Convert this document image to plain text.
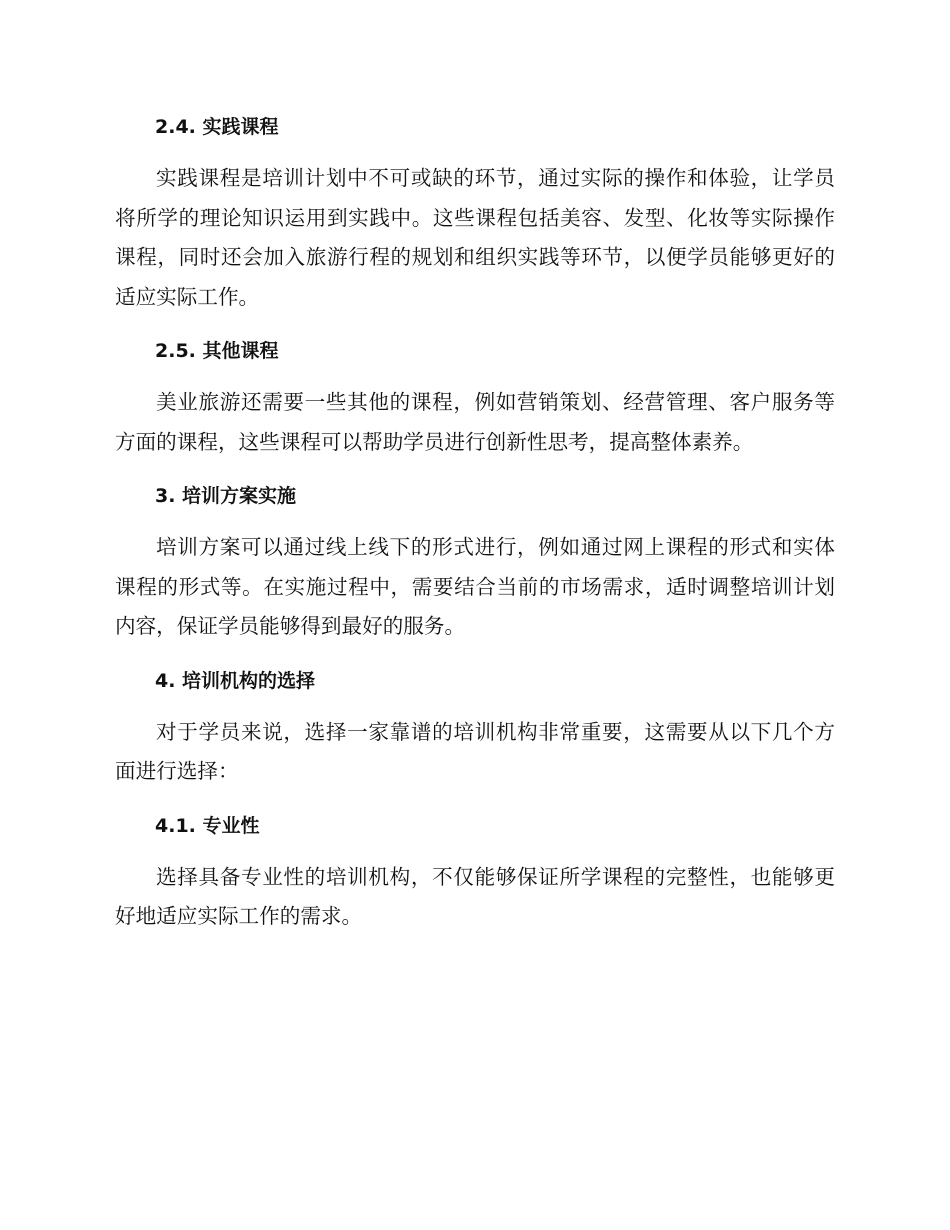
2.4. 实践课程

实践课程是培训计划中不可或缺的环节，通过实际的操作和体验，让学员将所学的理论知识运用到实践中。这些课程包括美容、发型、化妆等实际操作课程，同时还会加入旅游行程的规划和组织实践等环节，以便学员能够更好的适应实际工作。

2.5. 其他课程

美业旅游还需要一些其他的课程，例如营销策划、经营管理、客户服务等方面的课程，这些课程可以帮助学员进行创新性思考，提高整体素养。

3. 培训方案实施

培训方案可以通过线上线下的形式进行，例如通过网上课程的形式和实体课程的形式等。在实施过程中，需要结合当前的市场需求，适时调整培训计划内容，保证学员能够得到最好的服务。

4. 培训机构的选择

对于学员来说，选择一家靠谱的培训机构非常重要，这需要从以下几个方面进行选择：

4.1. 专业性

选择具备专业性的培训机构，不仅能够保证所学课程的完整性，也能够更好地适应实际工作的需求。
